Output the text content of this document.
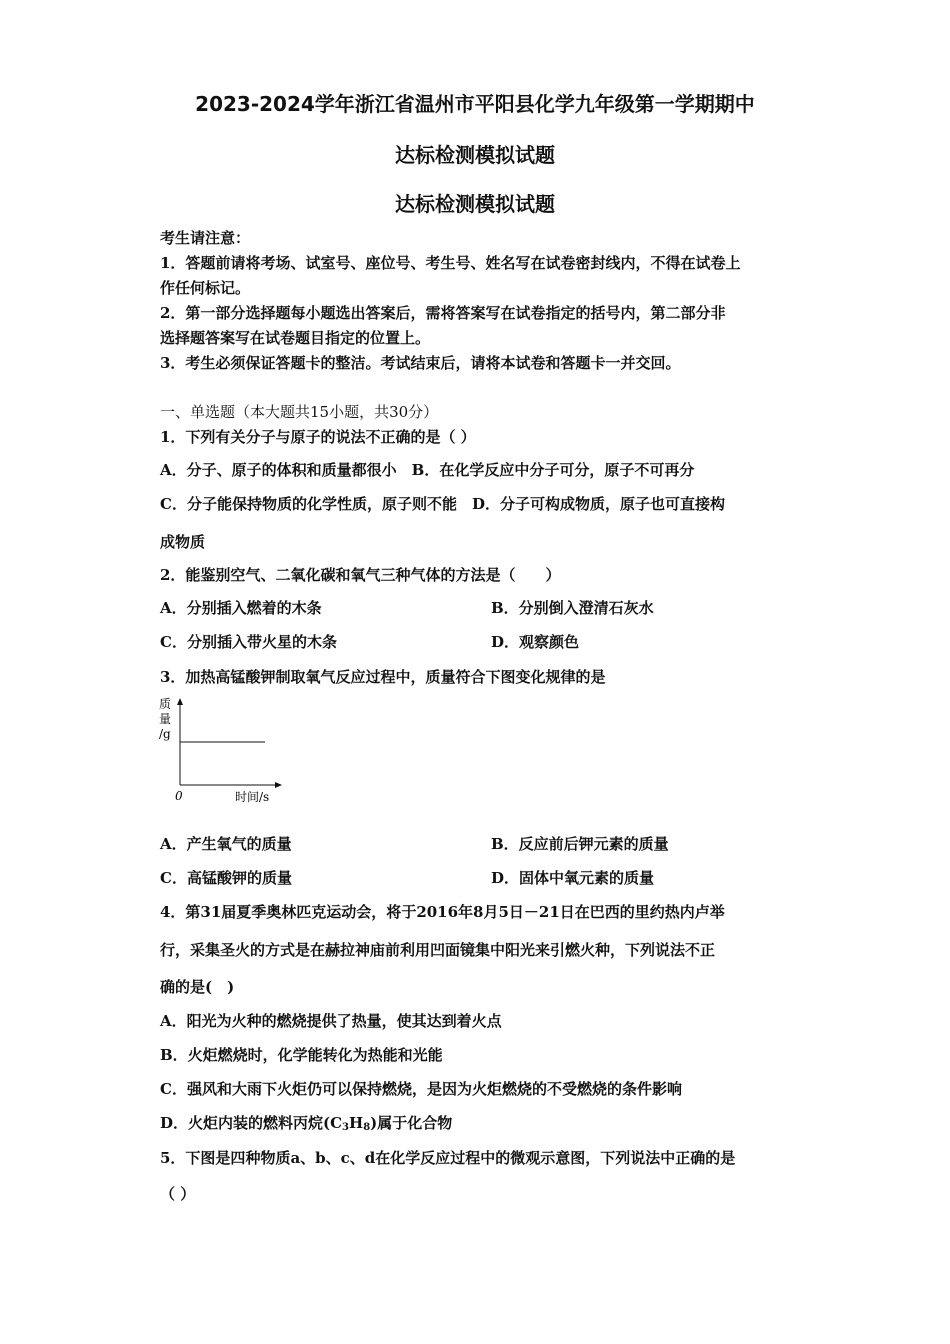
2023-2024学年浙江省温州市平阳县化学九年级第一学期期中
达标检测模拟试题
达标检测模拟试题
考生请注意：
1．答题前请将考场、试室号、座位号、考生号、姓名写在试卷密封线内，不得在试卷上
作任何标记。
2．第一部分选择题每小题选出答案后，需将答案写在试卷指定的括号内，第二部分非
选择题答案写在试卷题目指定的位置上。
3．考生必须保证答题卡的整洁。考试结束后，请将本试卷和答题卡一并交回。
一、单选题（本大题共15小题，共30分）
1．下列有关分子与原子的说法不正确的是（ ）
A．分子、原子的体积和质量都很小　B．在化学反应中分子可分，原子不可再分
C．分子能保持物质的化学性质，原子则不能　D．分子可构成物质，原子也可直接构
成物质
2．能鉴别空气、二氧化碳和氧气三种气体的方法是（　　）
A．分别插入燃着的木条	B．分别倒入澄清石灰水
C．分别插入带火星的木条	D．观察颜色
3．加热高锰酸钾制取氧气反应过程中，质量符合下图变化规律的是
质
量
/g
0	时间/s
A．产生氧气的质量	B．反应前后钾元素的质量
C．高锰酸钾的质量	D．固体中氧元素的质量
4．第31届夏季奥林匹克运动会，将于2016年8月5日－21日在巴西的里约热内卢举
行，采集圣火的方式是在赫拉神庙前利用凹面镜集中阳光来引燃火种，下列说法不正
确的是(　)
A．阳光为火种的燃烧提供了热量，使其达到着火点
B．火炬燃烧时，化学能转化为热能和光能
C．强风和大雨下火炬仍可以保持燃烧，是因为火炬燃烧的不受燃烧的条件影响
D．火炬内装的燃料丙烷$(C_3H_8)$属于化合物
5．下图是四种物质a、b、c、d在化学反应过程中的微观示意图，下列说法中正确的是
（ ）
